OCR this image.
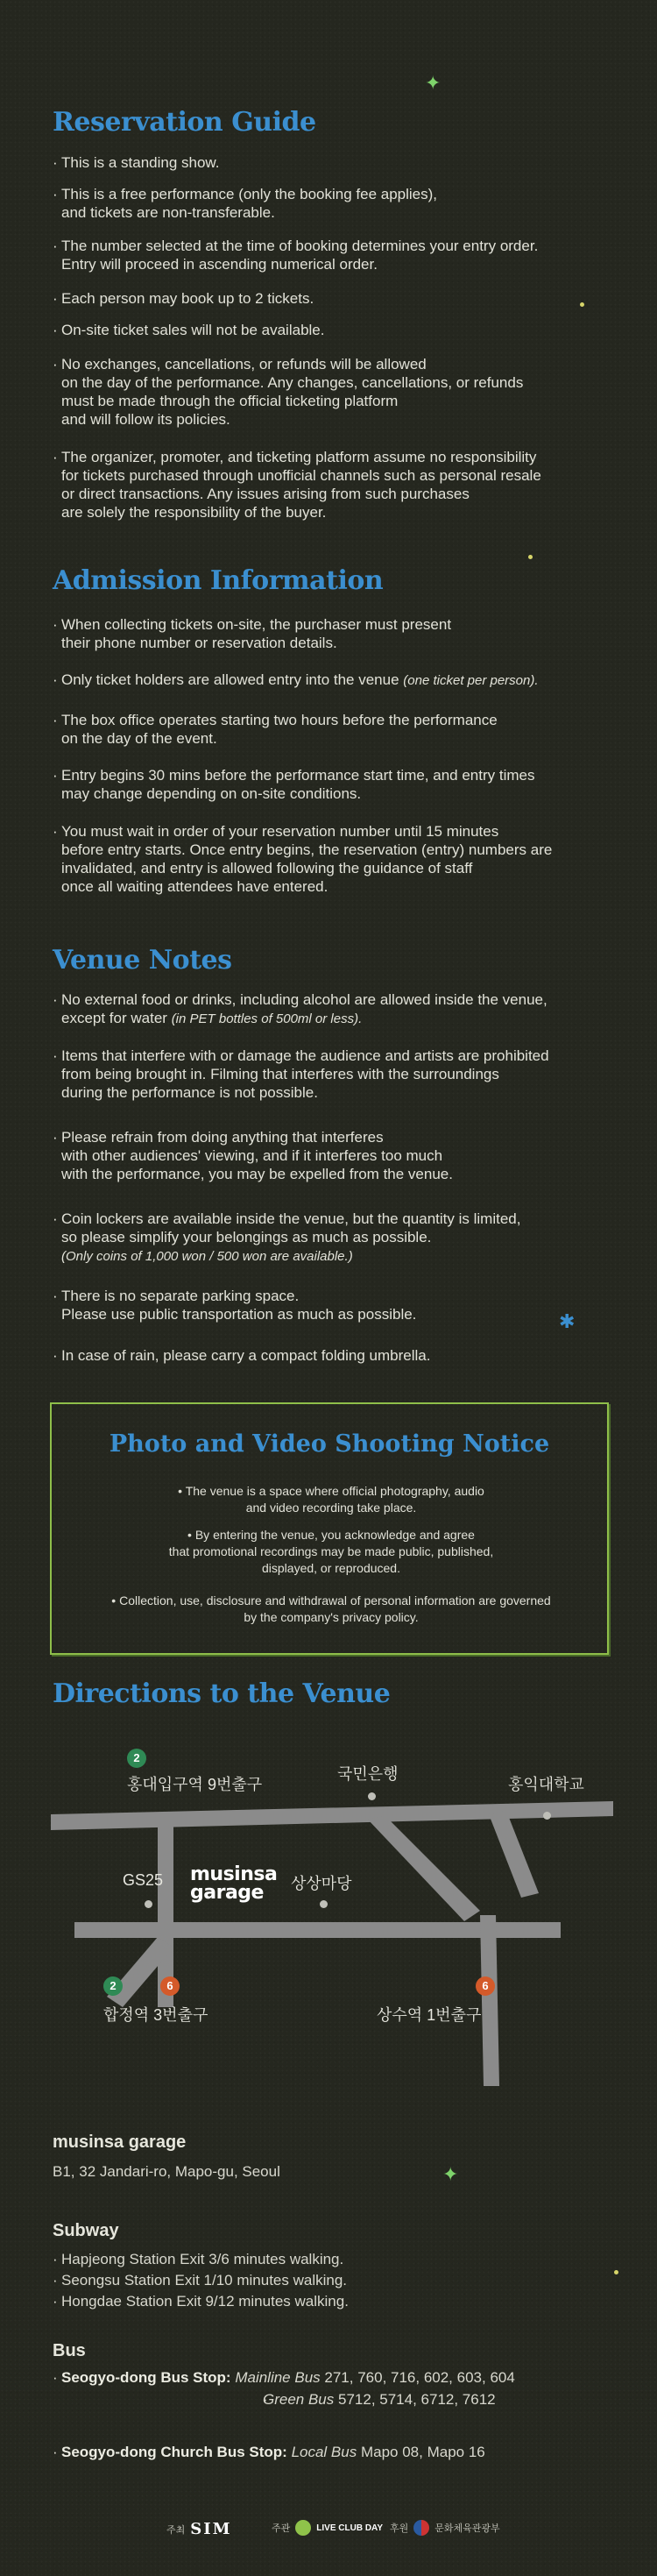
✦
✱
✦
Reservation Guide
· This is a standing show.
· This is a free performance (only the booking fee applies),
and tickets are non-transferable.
· The number selected at the time of booking determines your entry order.
Entry will proceed in ascending numerical order.
· Each person may book up to 2 tickets.
· On-site ticket sales will not be available.
· No exchanges, cancellations, or refunds will be allowed
on the day of the performance. Any changes, cancellations, or refunds
must be made through the official ticketing platform
and will follow its policies.
· The organizer, promoter, and ticketing platform assume no responsibility
for tickets purchased through unofficial channels such as personal resale
or direct transactions. Any issues arising from such purchases
are solely the responsibility of the buyer.
Admission Information
· When collecting tickets on-site, the purchaser must present
their phone number or reservation details.
· Only ticket holders are allowed entry into the venue (one ticket per person).
· The box office operates starting two hours before the performance
on the day of the event.
· Entry begins 30 mins before the performance start time, and entry times
may change depending on on-site conditions.
· You must wait in order of your reservation number until 15 minutes
before entry starts. Once entry begins, the reservation (entry) numbers are
invalidated, and entry is allowed following the guidance of staff
once all waiting attendees have entered.
Venue Notes
· No external food or drinks, including alcohol are allowed inside the venue,
except for water (in PET bottles of 500ml or less).
· Items that interfere with or damage the audience and artists are prohibited
from being brought in. Filming that interferes with the surroundings
during the performance is not possible.
· Please refrain from doing anything that interferes
with other audiences' viewing, and if it interferes too much
with the performance, you may be expelled from the venue.
· Coin lockers are available inside the venue, but the quantity is limited,
so please simplify your belongings as much as possible.
(Only coins of 1,000 won / 500 won are available.)
· There is no separate parking space.
Please use public transportation as much as possible.
· In case of rain, please carry a compact folding umbrella.
Photo and Video Shooting Notice
• The venue is a space where official photography, audio
and video recording take place.
• By entering the venue, you acknowledge and agree
that promotional recordings may be made public, published,
displayed, or reproduced.
• Collection, use, disclosure and withdrawal of personal information are governed
by the company's privacy policy.
Directions to the Venue
2
홍대입구역 9번출구
국민은행
홍익대학교
GS25 musinsa
garage	상상마당
2	6
합정역 3번출구
6
상수역 1번출구
musinsa garage
B1, 32 Jandari-ro, Mapo-gu, Seoul
Subway
· Hapjeong Station Exit 3/6 minutes walking.
· Seongsu Station Exit 1/10 minutes walking.
· Hongdae Station Exit 9/12 minutes walking.
Bus
· Seogyo-dong Bus Stop: Mainline Bus 271, 760, 716, 602, 603, 604
· Green Bus 5712, 5714, 6712, 7612
· Seogyo-dong Church Bus Stop: Local Bus Mapo 08, Mapo 16
주최 SIM	주관	LIVE CLUB DAY 후원	문화체육관광부
